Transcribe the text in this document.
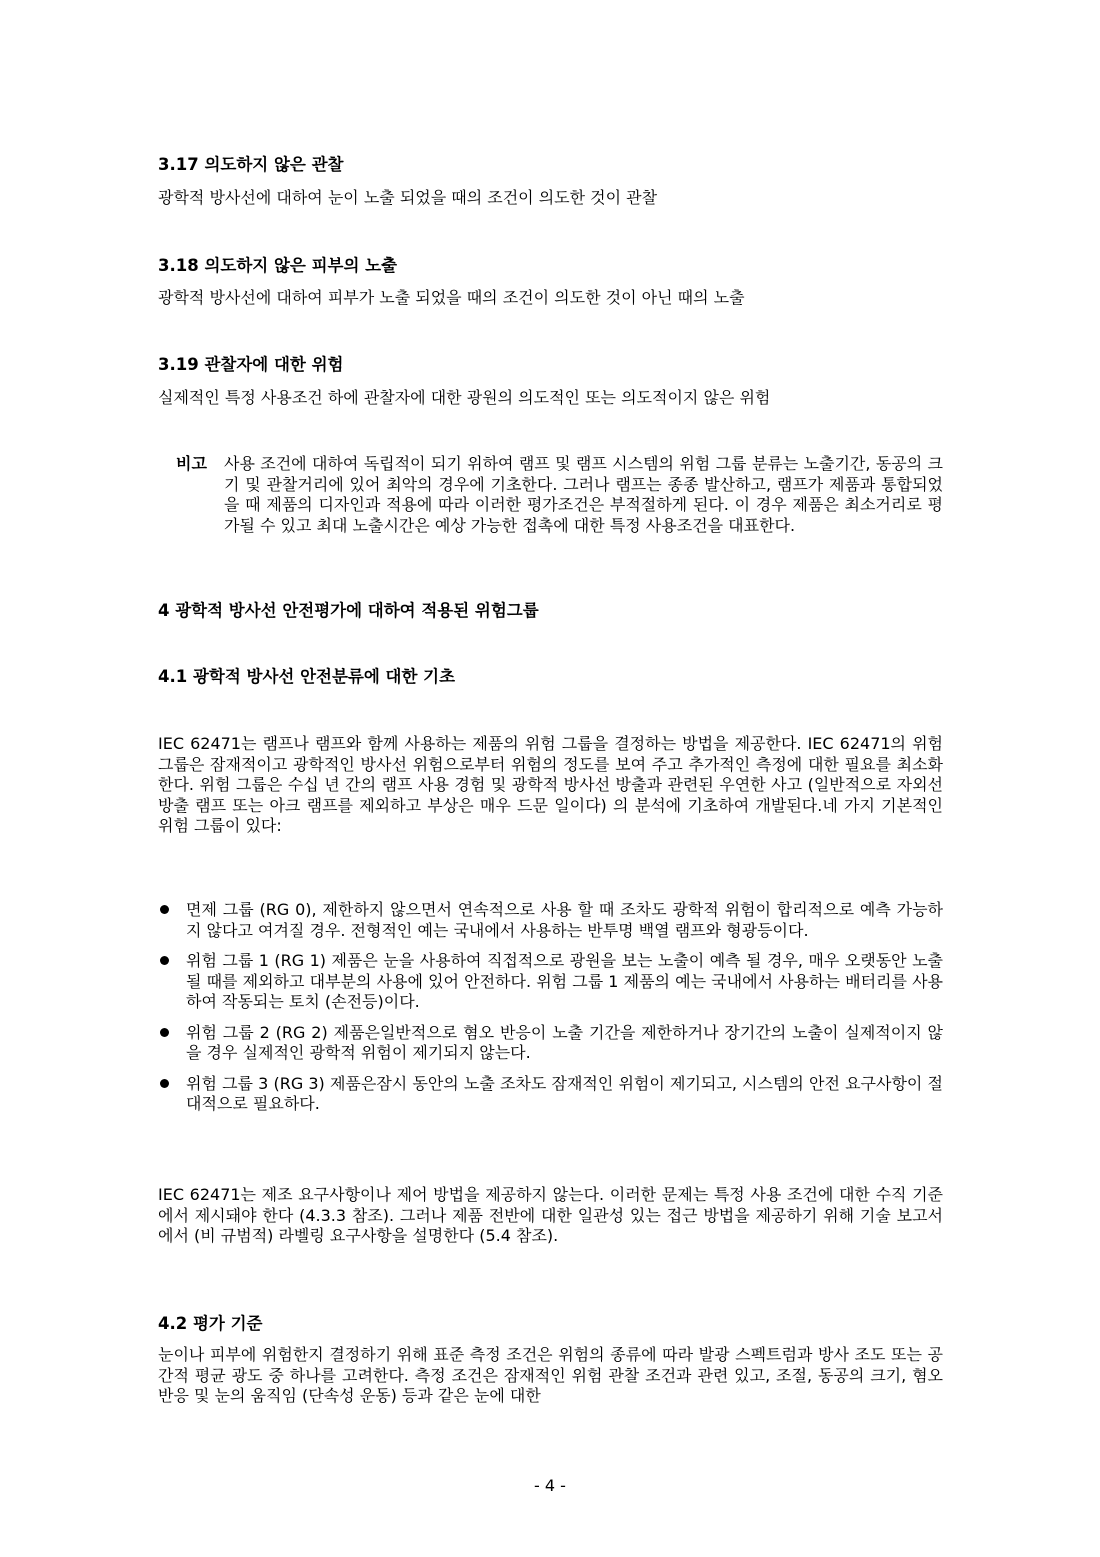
3.17 의도하지 않은 관찰
광학적 방사선에 대하여 눈이 노출 되었을 때의 조건이 의도한 것이 관찰
3.18 의도하지 않은 피부의 노출
광학적 방사선에 대하여 피부가 노출 되었을 때의 조건이 의도한 것이 아닌 때의 노출
3.19 관찰자에 대한 위험
실제적인 특정 사용조건 하에 관찰자에 대한 광원의 의도적인 또는 의도적이지 않은 위험
비고 사용 조건에 대하여 독립적이 되기 위하여 램프 및 램프 시스템의 위험 그룹 분류는 노출기간, 동공의 크기 및 관찰거리에 있어 최악의 경우에 기초한다. 그러나 램프는 종종 발산하고, 램프가 제품과 통합되었을 때 제품의 디자인과 적용에 따라 이러한 평가조건은 부적절하게 된다. 이 경우 제품은 최소거리로 평가될 수 있고 최대 노출시간은 예상 가능한 접촉에 대한 특정 사용조건을 대표한다.
4 광학적 방사선 안전평가에 대하여 적용된 위험그룹
4.1 광학적 방사선 안전분류에 대한 기초
IEC 62471는 램프나 램프와 함께 사용하는 제품의 위험 그룹을 결정하는 방법을 제공한다. IEC 62471의 위험 그룹은 잠재적이고 광학적인 방사선 위험으로부터 위험의 정도를 보여 주고 추가적인 측정에 대한 필요를 최소화한다. 위험 그룹은 수십 년 간의 램프 사용 경험 및 광학적 방사선 방출과 관련된 우연한 사고 (일반적으로 자외선 방출 램프 또는 아크 램프를 제외하고 부상은 매우 드문 일이다) 의 분석에 기초하여 개발된다.네 가지 기본적인 위험 그룹이 있다:
면제 그룹 (RG 0), 제한하지 않으면서 연속적으로 사용 할 때 조차도 광학적 위험이 합리적으로 예측 가능하지 않다고 여겨질 경우. 전형적인 예는 국내에서 사용하는 반투명 백열 램프와 형광등이다.
위험 그룹 1 (RG 1) 제품은 눈을 사용하여 직접적으로 광원을 보는 노출이 예측 될 경우, 매우 오랫동안 노출 될 때를 제외하고 대부분의 사용에 있어 안전하다. 위험 그룹 1 제품의 예는 국내에서 사용하는 배터리를 사용하여 작동되는 토치 (손전등)이다.
위험 그룹 2 (RG 2) 제품은일반적으로 혐오 반응이 노출 기간을 제한하거나 장기간의 노출이 실제적이지 않을 경우 실제적인 광학적 위험이 제기되지 않는다.
위험 그룹 3 (RG 3) 제품은잠시 동안의 노출 조차도 잠재적인 위험이 제기되고, 시스템의 안전 요구사항이 절대적으로 필요하다.
IEC 62471는 제조 요구사항이나 제어 방법을 제공하지 않는다. 이러한 문제는 특정 사용 조건에 대한 수직 기준에서 제시돼야 한다 (4.3.3 참조). 그러나 제품 전반에 대한 일관성 있는 접근 방법을 제공하기 위해 기술 보고서에서 (비 규범적) 라벨링 요구사항을 설명한다 (5.4 참조).
4.2 평가 기준
눈이나 피부에 위험한지 결정하기 위해 표준 측정 조건은 위험의 종류에 따라 발광 스펙트럼과 방사 조도 또는 공간적 평균 광도 중 하나를 고려한다. 측정 조건은 잠재적인 위험 관찰 조건과 관련 있고, 조절, 동공의 크기, 혐오 반응 및 눈의 움직임 (단속성 운동) 등과 같은 눈에 대한
- 4 -
